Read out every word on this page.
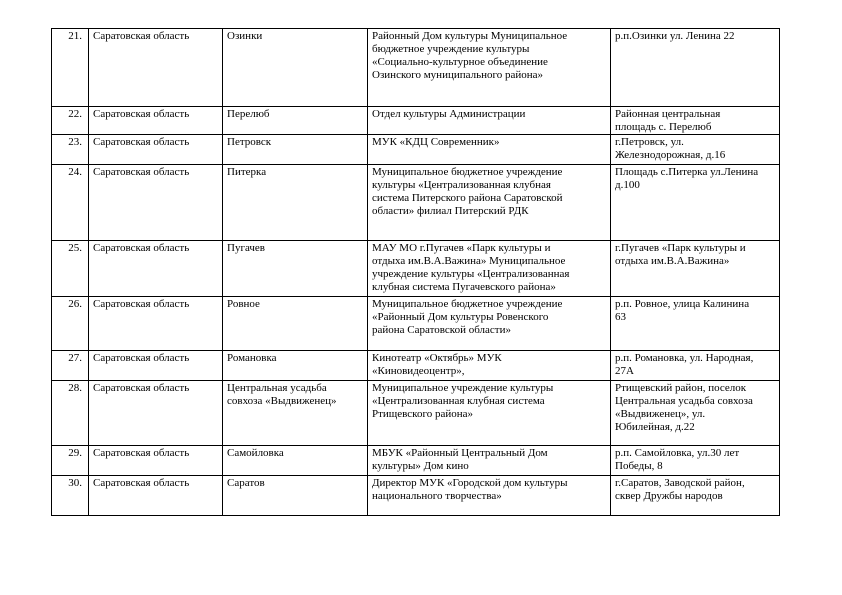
21.	Саратовская область	Озинки	Районный Дом культуры Муниципальное
бюджетное учреждение культуры
«Социально-культурное объединение
Озинского муниципального района»	р.п.Озинки ул. Ленина 22
22.	Саратовская область	Перелюб	Отдел культуры Администрации	Районная центральная
площадь с. Перелюб
23.	Саратовская область	Петровск	МУК «КДЦ Современник»	г.Петровск, ул.
Железнодорожная, д.16
24.	Саратовская область	Питерка	Муниципальное бюджетное учреждение
культуры «Централизованная клубная
система Питерского района Саратовской
области» филиал Питерский РДК	Площадь с.Питерка ул.Ленина
д.100
25.	Саратовская область	Пугачев	МАУ МО г.Пугачев «Парк культуры и
отдыха им.В.А.Важина» Муниципальное
учреждение культуры «Централизованная
клубная система Пугачевского района»	г.Пугачев «Парк культуры и
отдыха им.В.А.Важина»
26.	Саратовская область	Ровное	Муниципальное бюджетное учреждение
«Районный Дом культуры Ровенского
района Саратовской области»	р.п. Ровное, улица Калинина
63
27.	Саратовская область	Романовка	Кинотеатр «Октябрь» МУК
«Киновидеоцентр»,	р.п. Романовка, ул. Народная,
27А
28.	Саратовская область	Центральная усадьба
совхоза «Выдвиженец»	Муниципальное учреждение культуры
«Централизованная клубная система
Ртищевского района»	Ртищевский район, поселок
Центральная усадьба совхоза
«Выдвиженец», ул.
Юбилейная, д.22
29.	Саратовская область	Самойловка	МБУК «Районный Центральный Дом
культуры» Дом кино	р.п. Самойловка, ул.30 лет
Победы, 8
30.	Саратовская область	Саратов	Директор МУК «Городской дом культуры
национального творчества»	г.Саратов, Заводской район,
сквер Дружбы народов
